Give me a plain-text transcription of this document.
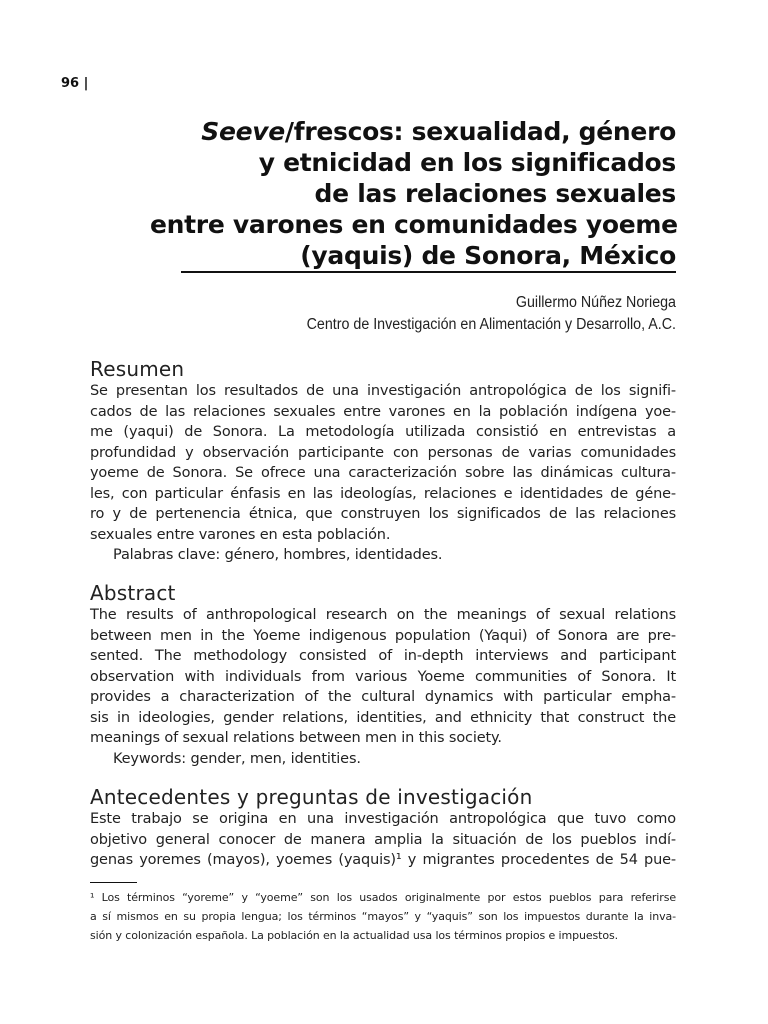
96 |
Seeve/frescos: sexualidad, género
y etnicidad en los significados
de las relaciones sexuales
entre varones en comunidades yoeme
(yaquis) de Sonora, México
Guillermo Núñez Noriega
Centro de Investigación en Alimentación y Desarrollo, A.C.
Resumen
Se presentan los resultados de una investigación antropológica de los signifi-
cados de las relaciones sexuales entre varones en la población indígena yoe-
me (yaqui) de Sonora. La metodología utilizada consistió en entrevistas a
profundidad y observación participante con personas de varias comunidades
yoeme de Sonora. Se ofrece una caracterización sobre las dinámicas cultura-
les, con particular énfasis en las ideologías, relaciones e identidades de géne-
ro y de pertenencia étnica, que construyen los significados de las relaciones
sexuales entre varones en esta población.
Palabras clave: género, hombres, identidades.
Abstract
The results of anthropological research on the meanings of sexual relations
between men in the Yoeme indigenous population (Yaqui) of Sonora are pre-
sented. The methodology consisted of in-depth interviews and participant
observation with individuals from various Yoeme communities of Sonora. It
provides a characterization of the cultural dynamics with particular empha-
sis in ideologies, gender relations, identities, and ethnicity that construct the
meanings of sexual relations between men in this society.
Keywords: gender, men, identities.
Antecedentes y preguntas de investigación
Este trabajo se origina en una investigación antropológica que tuvo como
objetivo general conocer de manera amplia la situación de los pueblos indí-
genas yoremes (mayos), yoemes (yaquis)¹ y migrantes procedentes de 54 pue-
¹ Los términos “yoreme” y “yoeme” son los usados originalmente por estos pueblos para referirse
a sí mismos en su propia lengua; los términos “mayos” y “yaquis” son los impuestos durante la inva-
sión y colonización española. La población en la actualidad usa los términos propios e impuestos.
